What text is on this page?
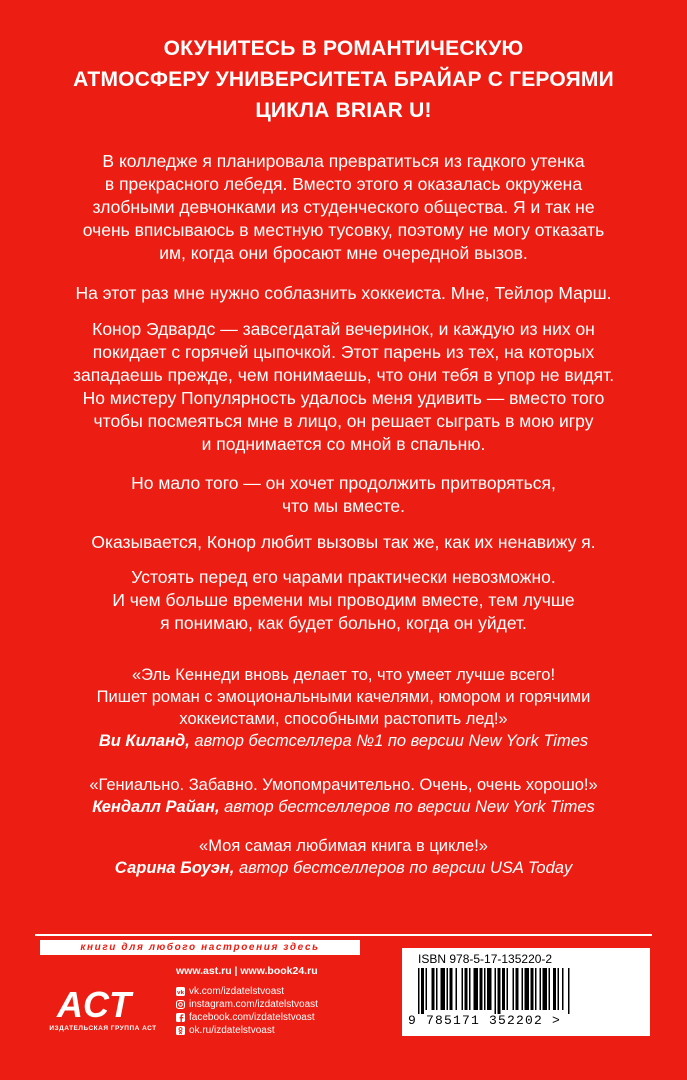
ОКУНИТЕСЬ В РОМАНТИЧЕСКУЮ
АТМОСФЕРУ УНИВЕРСИТЕТА БРАЙАР С ГЕРОЯМИ
ЦИКЛА BRIAR U!
В колледже я планировала превратиться из гадкого утенка
в прекрасного лебедя. Вместо этого я оказалась окружена
злобными девчонками из студенческого общества. Я и так не
очень вписываюсь в местную тусовку, поэтому не могу отказать
им, когда они бросают мне очередной вызов.
На этот раз мне нужно соблазнить хоккеиста. Мне, Тейлор Марш.
Конор Эдвардс — завсегдатай вечеринок, и каждую из них он
покидает с горячей цыпочкой. Этот парень из тех, на которых
западаешь прежде, чем понимаешь, что они тебя в упор не видят.
Но мистеру Популярность удалось меня удивить — вместо того
чтобы посмеяться мне в лицо, он решает сыграть в мою игру
и поднимается со мной в спальню.
Но мало того — он хочет продолжить притворяться,
что мы вместе.
Оказывается, Конор любит вызовы так же, как их ненавижу я.
Устоять перед его чарами практически невозможно.
И чем больше времени мы проводим вместе, тем лучше
я понимаю, как будет больно, когда он уйдет.
«Эль Кеннеди вновь делает то, что умеет лучше всего!
Пишет роман с эмоциональными качелями, юмором и горячими
хоккеистами, способными растопить лед!»
Ви Киланд, автор бестселлера №1 по версии New York Times
«Гениально. Забавно. Умопомрачительно. Очень, очень хорошо!»
Кендалл Райан, автор бестселлеров по версии New York Times
«Моя самая любимая книга в цикле!»
Сарина Боуэн, автор бестселлеров по версии USA Today
книги для любого настроения здесь
ACT
ИЗДАТЕЛЬСКАЯ ГРУППА АСТ
www.ast.ru | www.book24.ru
vk vk.com/izdatelstvoast
instagram.com/izdatelstvoast
facebook.com/izdatelstvoast
ok.ru/izdatelstvoast
ISBN 978-5-17-135220-2
9 785171 352202 >
